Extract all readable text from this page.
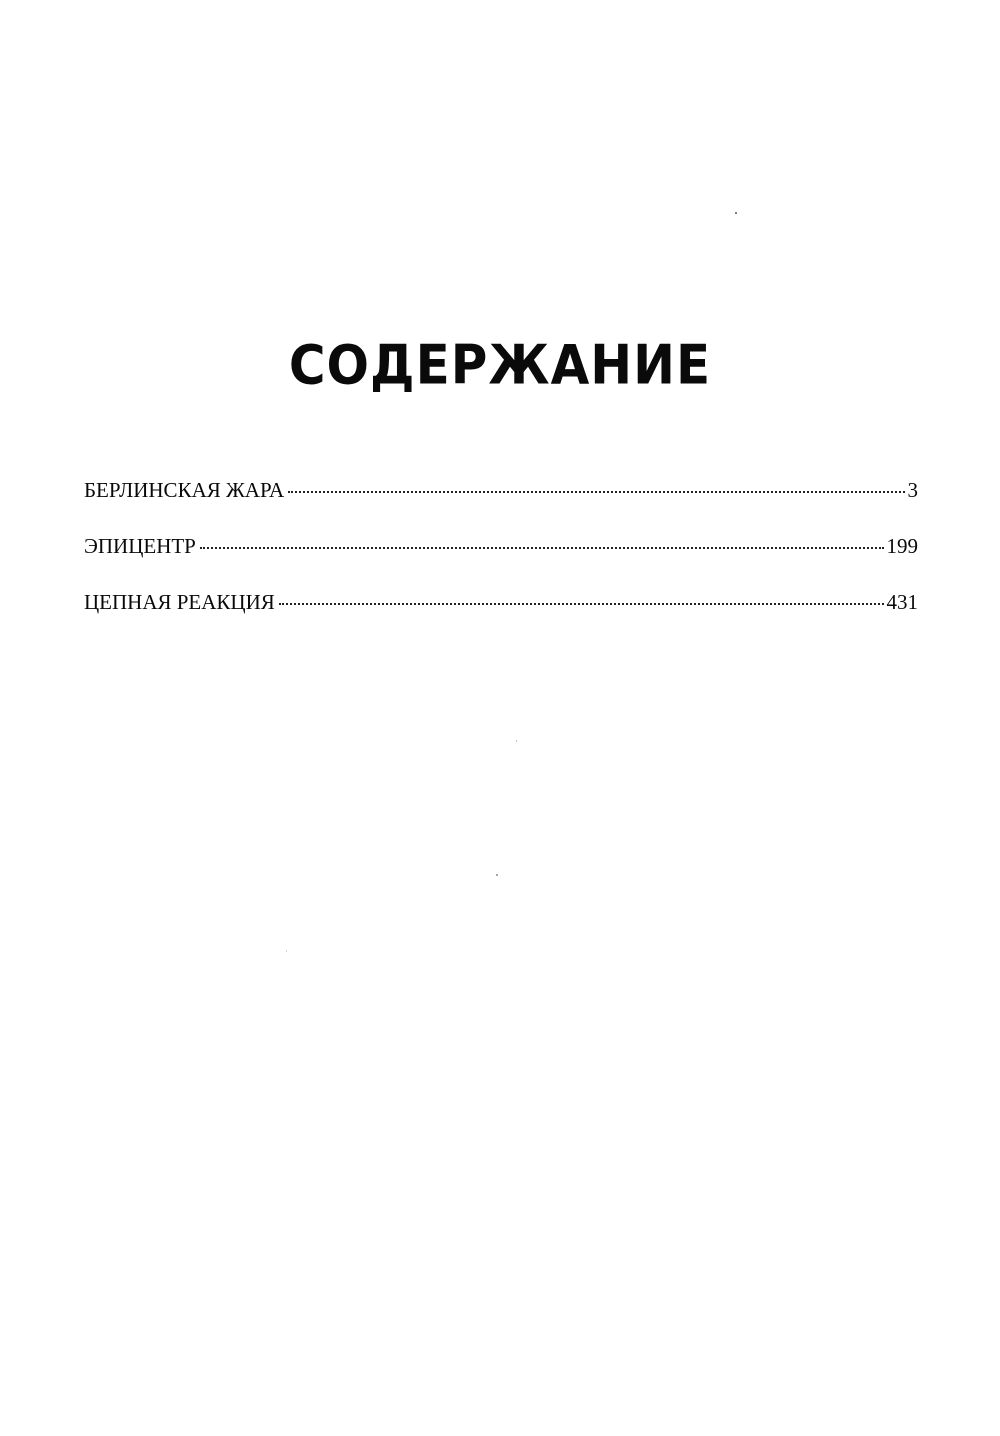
СОДЕРЖАНИЕ
БЕРЛИНСКАЯ ЖАРА	3
ЭПИЦЕНТР	199
ЦЕПНАЯ РЕАКЦИЯ	431
